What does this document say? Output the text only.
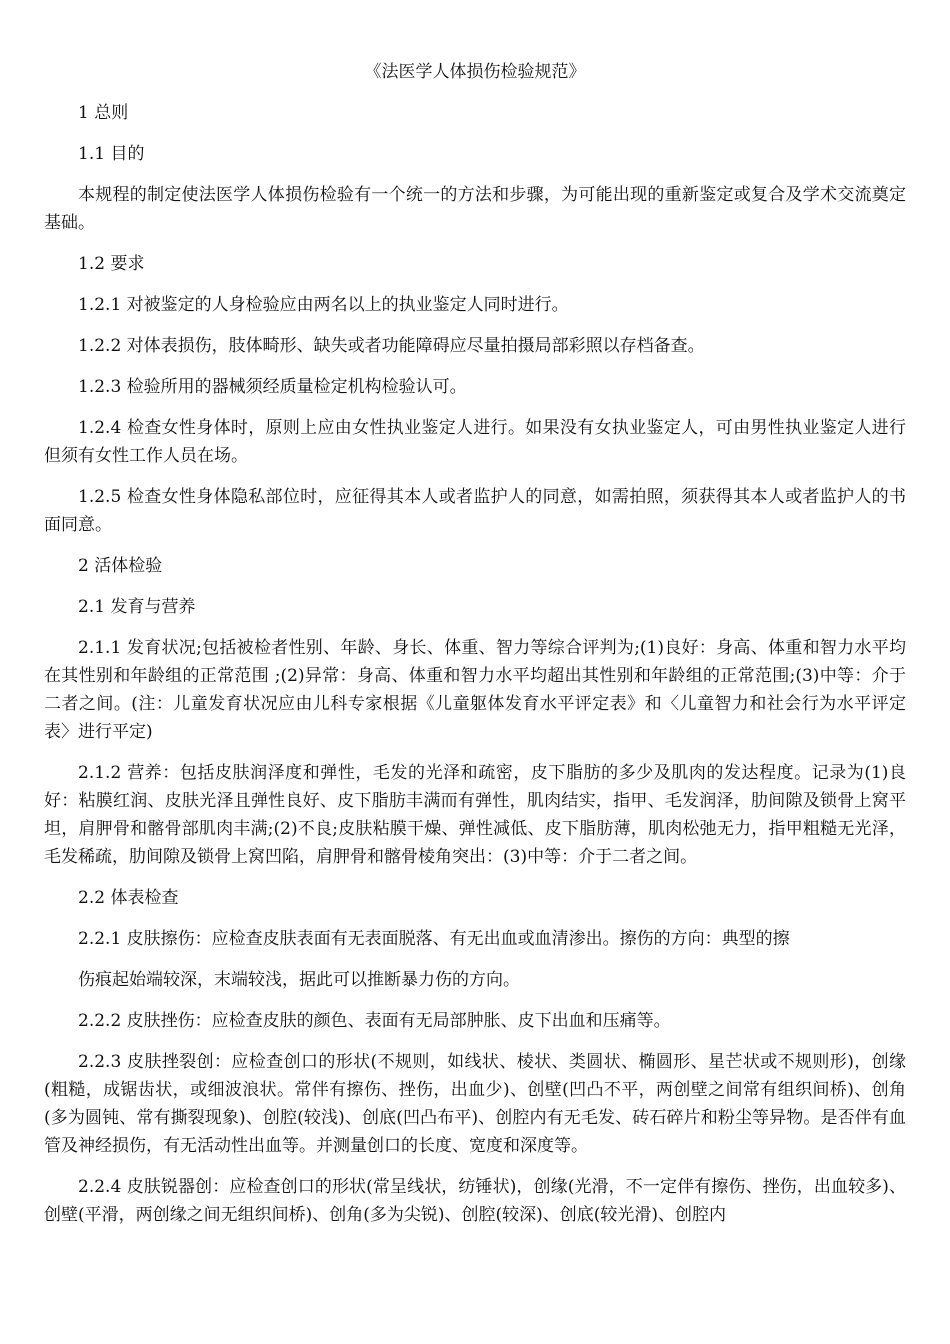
《法医学人体损伤检验规范》

1 总则

1.1 目的

本规程的制定使法医学人体损伤检验有一个统一的方法和步骤，为可能出现的重新鉴定或复合及学术交流奠定基础。

1.2 要求

1.2.1 对被鉴定的人身检验应由两名以上的执业鉴定人同时进行。

1.2.2 对体表损伤，肢体畸形、缺失或者功能障碍应尽量拍摄局部彩照以存档备查。

1.2.3 检验所用的器械须经质量检定机构检验认可。

1.2.4 检查女性身体时，原则上应由女性执业鉴定人进行。如果没有女执业鉴定人，可由男性执业鉴定人进行但须有女性工作人员在场。

1.2.5 检查女性身体隐私部位时，应征得其本人或者监护人的同意，如需拍照，须获得其本人或者监护人的书面同意。

2 活体检验

2.1 发育与营养

2.1.1 发育状况;包括被检者性别、年龄、身长、体重、智力等综合评判为;(1)良好：身高、体重和智力水平均在其性别和年龄组的正常范围 ;(2)异常：身高、体重和智力水平均超出其性别和年龄组的正常范围;(3)中等：介于二者之间。(注：儿童发育状况应由儿科专家根据《儿童躯体发育水平评定表》和〈儿童智力和社会行为水平评定表〉进行平定)

2.1.2 营养：包括皮肤润泽度和弹性，毛发的光泽和疏密，皮下脂肪的多少及肌肉的发达程度。记录为(1)良好：粘膜红润、皮肤光泽且弹性良好、皮下脂肪丰满而有弹性，肌肉结实，指甲、毛发润泽，肋间隙及锁骨上窝平坦，肩胛骨和髂骨部肌肉丰满;(2)不良;皮肤粘膜干燥、弹性减低、皮下脂肪薄，肌肉松弛无力，指甲粗糙无光泽，毛发稀疏，肋间隙及锁骨上窝凹陷，肩胛骨和髂骨棱角突出：(3)中等：介于二者之间。

2.2 体表检查

2.2.1 皮肤擦伤：应检查皮肤表面有无表面脱落、有无出血或血清渗出。擦伤的方向：典型的擦

伤痕起始端较深，末端较浅，据此可以推断暴力伤的方向。

2.2.2 皮肤挫伤：应检查皮肤的颜色、表面有无局部肿胀、皮下出血和压痛等。

2.2.3 皮肤挫裂创：应检查创口的形状(不规则，如线状、棱状、类圆状、椭圆形、星芒状或不规则形)，创缘(粗糙，成锯齿状，或细波浪状。常伴有擦伤、挫伤，出血少)、创壁(凹凸不平，两创壁之间常有组织间桥)、创角(多为圆钝、常有撕裂现象)、创腔(较浅)、创底(凹凸布平)、创腔内有无毛发、砖石碎片和粉尘等异物。是否伴有血管及神经损伤，有无活动性出血等。并测量创口的长度、宽度和深度等。

2.2.4 皮肤锐器创：应检查创口的形状(常呈线状，纺锤状)，创缘(光滑，不一定伴有擦伤、挫伤，出血较多)、创壁(平滑，两创缘之间无组织间桥)、创角(多为尖锐)、创腔(较深)、创底(较光滑)、创腔内
